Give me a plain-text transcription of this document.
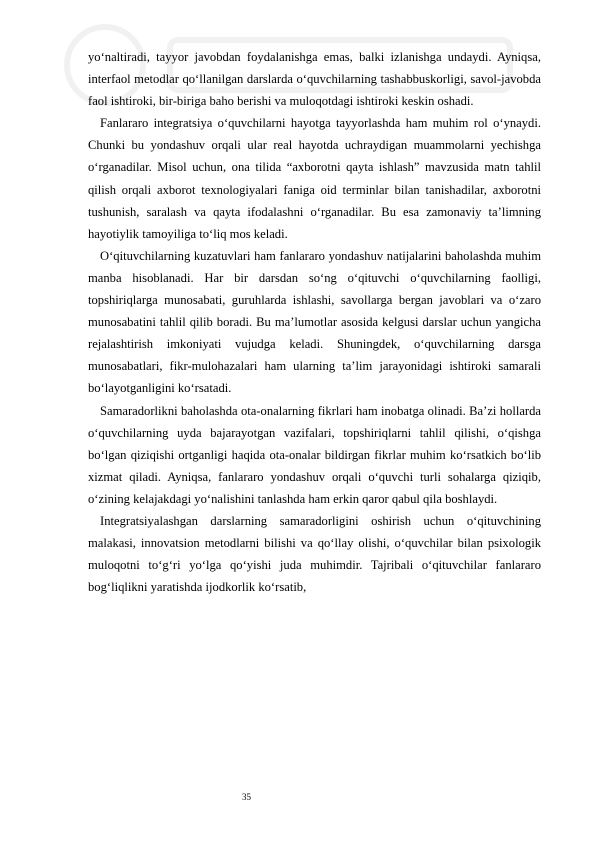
yo‘naltiradi, tayyor javobdan foydalanishga emas, balki izlanishga undaydi. Ayniqsa, interfaol metodlar qo‘llanilgan darslarda o‘quvchilarning tashabbuskorligi, savol-javobda faol ishtiroki, bir-biriga baho berishi va muloqotdagi ishtiroki keskin oshadi.

Fanlararo integratsiya o‘quvchilarni hayotga tayyorlashda ham muhim rol o‘ynaydi. Chunki bu yondashuv orqali ular real hayotda uchraydigan muammolarni yechishga o‘rganadilar. Misol uchun, ona tilida “axborotni qayta ishlash” mavzusida matn tahlil qilish orqali axborot texnologiyalari faniga oid terminlar bilan tanishadilar, axborotni tushunish, saralash va qayta ifodalashni o‘rganadilar. Bu esa zamonaviy ta’limning hayotiylik tamoyiliga to‘liq mos keladi.

O‘qituvchilarning kuzatuvlari ham fanlararo yondashuv natijalarini baholashda muhim manba hisoblanadi. Har bir darsdan so‘ng o‘qituvchi o‘quvchilarning faolligi, topshiriqlarga munosabati, guruhlarda ishlashi, savollarga bergan javoblari va o‘zaro munosabatini tahlil qilib boradi. Bu ma’lumotlar asosida kelgusi darslar uchun yangicha rejalashtirish imkoniyati vujudga keladi. Shuningdek, o‘quvchilarning darsga munosabatlari, fikr-mulohazalari ham ularning ta’lim jarayonidagi ishtiroki samarali bo‘layotganligini ko‘rsatadi.

Samaradorlikni baholashda ota-onalarning fikrlari ham inobatga olinadi. Ba’zi hollarda o‘quvchilarning uyda bajarayotgan vazifalari, topshiriqlarni tahlil qilishi, o‘qishga bo‘lgan qiziqishi ortganligi haqida ota-onalar bildirgan fikrlar muhim ko‘rsatkich bo‘lib xizmat qiladi. Ayniqsa, fanlararo yondashuv orqali o‘quvchi turli sohalarga qiziqib, o‘zining kelajakdagi yo‘nalishini tanlashda ham erkin qaror qabul qila boshlaydi.

Integratsiyalashgan darslarning samaradorligini oshirish uchun o‘qituvchining malakasi, innovatsion metodlarni bilishi va qo‘llay olishi, o‘quvchilar bilan psixologik muloqotni to‘g‘ri yo‘lga qo‘yishi juda muhimdir. Tajribali o‘qituvchilar fanlararo bog‘liqlikni yaratishda ijodkorlik ko‘rsatib,

35
